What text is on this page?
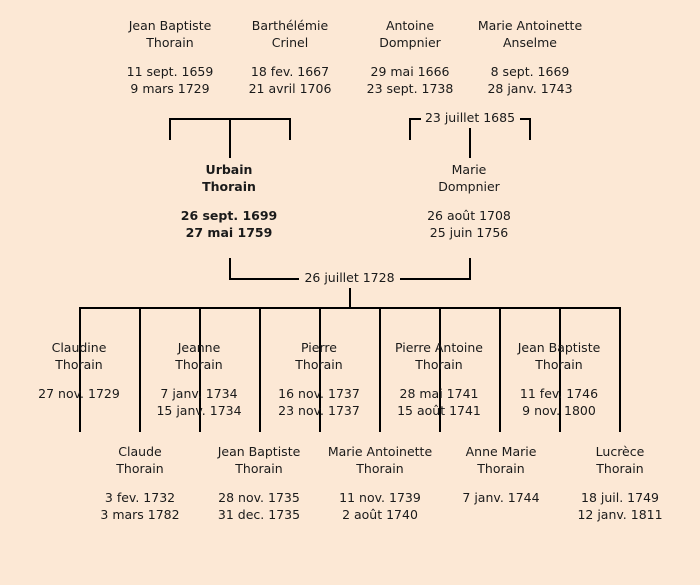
Jean Baptiste
Thorain
11 sept. 1659
9 mars 1729
Barthélémie
Crinel
18 fev. 1667
21 avril 1706
Antoine
Dompnier
29 mai 1666
23 sept. 1738
Marie Antoinette
Anselme
8 sept. 1669
28 janv. 1743
23 juillet 1685
Urbain
Thorain
26 sept. 1699
27 mai 1759
Marie
Dompnier
26 août 1708
25 juin 1756
26 juillet 1728
Claudine
Thorain
27 nov. 1729
Jeanne
Thorain
7 janv. 1734
15 janv. 1734
Pierre
Thorain
16 nov. 1737
23 nov. 1737
Pierre Antoine
Thorain
28 mai 1741
15 août 1741
Jean Baptiste
Thorain
11 fev. 1746
9 nov. 1800
Claude
Thorain
3 fev. 1732
3 mars 1782
Jean Baptiste
Thorain
28 nov. 1735
31 dec. 1735
Marie Antoinette
Thorain
11 nov. 1739
2 août 1740
Anne Marie
Thorain
7 janv. 1744
Lucrèce
Thorain
18 juil. 1749
12 janv. 1811
